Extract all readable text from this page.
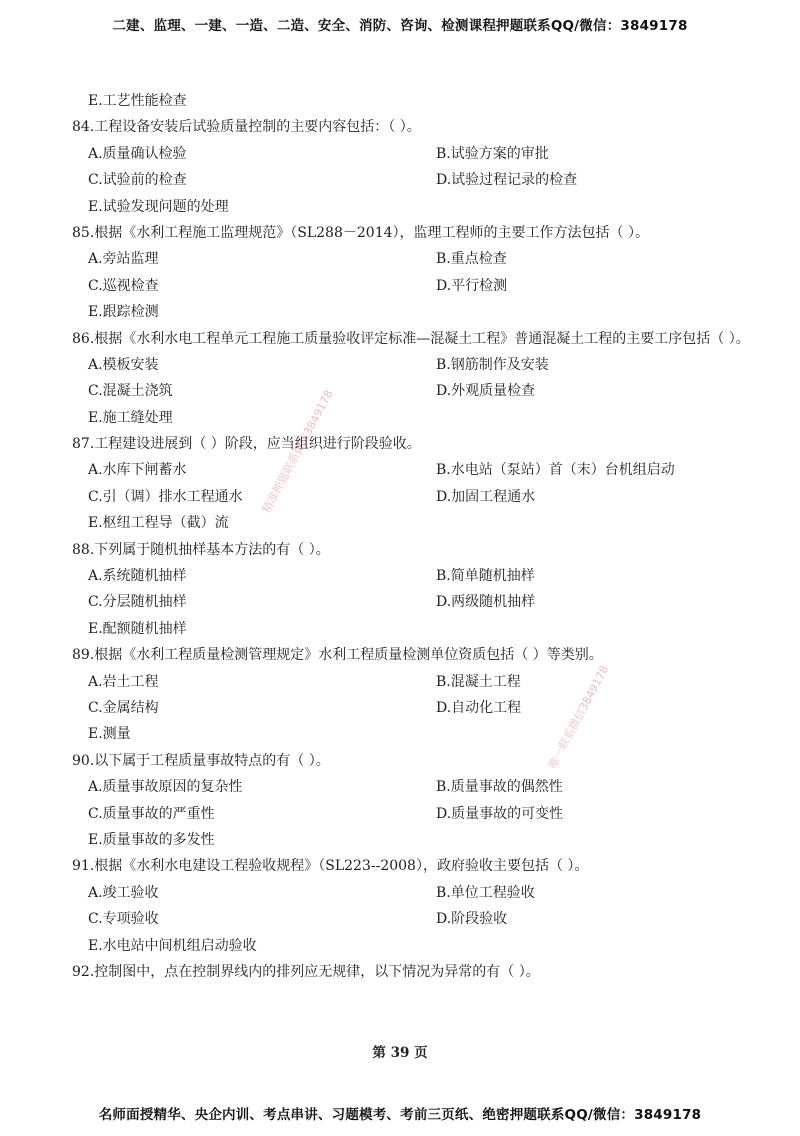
二建、监理、一建、一造、二造、安全、消防、咨询、检测课程押题联系QQ/微信：3849178
精准押题联系微信3849178
唯一联系微信3849178
E.工艺性能检查
84.工程设备安装后试验质量控制的主要内容包括：（ ）。
A.质量确认检验	B.试验方案的审批
C.试验前的检查	D.试验过程记录的检查
E.试验发现问题的处理
85.根据《水利工程施工监理规范》（SL288－2014），监理工程师的主要工作方法包括（ ）。
A.旁站监理	B.重点检查
C.巡视检查	D.平行检测
E.跟踪检测
86.根据《水利水电工程单元工程施工质量验收评定标准—混凝土工程》普通混凝土工程的主要工序包括（ ）。
A.模板安装	B.钢筋制作及安装
C.混凝土浇筑	D.外观质量检查
E.施工缝处理
87.工程建设进展到（ ）阶段，应当组织进行阶段验收。
A.水库下闸蓄水	B.水电站（泵站）首（末）台机组启动
C.引（调）排水工程通水	D.加固工程通水
E.枢纽工程导（截）流
88.下列属于随机抽样基本方法的有（ ）。
A.系统随机抽样	B.简单随机抽样
C.分层随机抽样	D.两级随机抽样
E.配额随机抽样
89.根据《水利工程质量检测管理规定》水利工程质量检测单位资质包括（ ）等类别。
A.岩土工程	B.混凝土工程
C.金属结构	D.自动化工程
E.测量
90.以下属于工程质量事故特点的有（ ）。
A.质量事故原因的复杂性	B.质量事故的偶然性
C.质量事故的严重性	D.质量事故的可变性
E.质量事故的多发性
91.根据《水利水电建设工程验收规程》（SL223--2008），政府验收主要包括（ ）。
A.竣工验收	B.单位工程验收
C.专项验收	D.阶段验收
E.水电站中间机组启动验收
92.控制图中，点在控制界线内的排列应无规律，以下情况为异常的有（ ）。
第 39 页
名师面授精华、央企内训、考点串讲、习题模考、考前三页纸、绝密押题联系QQ/微信：3849178
